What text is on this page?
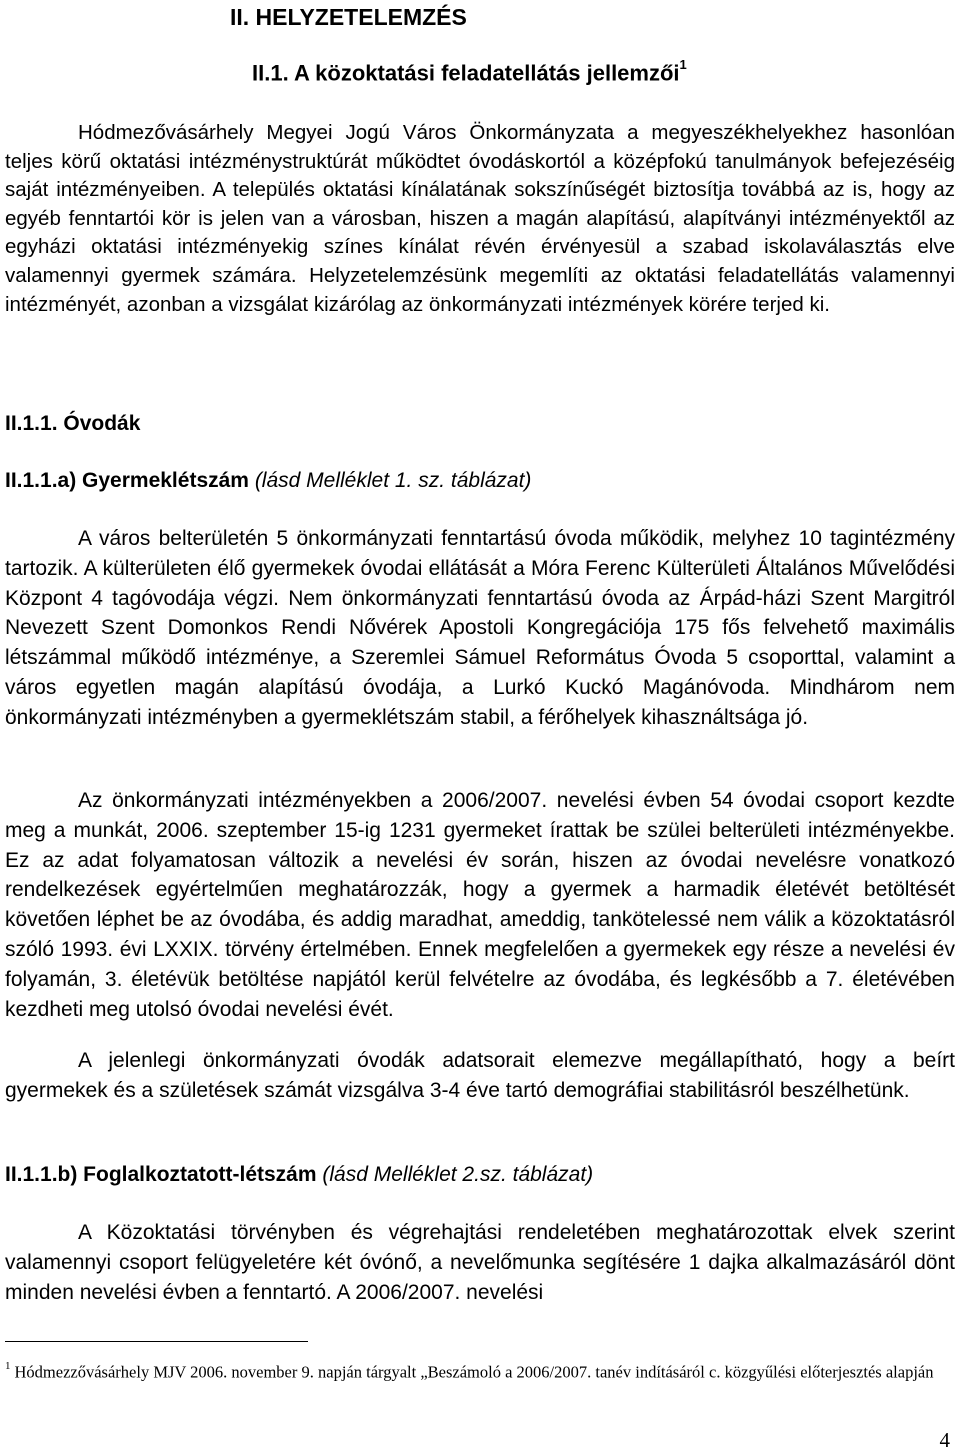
II. HELYZETELEMZÉS
II.1. A közoktatási feladatellátás jellemzői$^1$

Hódmezővásárhely Megyei Jogú Város Önkormányzata a megyeszékhelyekhez hasonlóan teljes körű oktatási intézménystruktúrát működtet óvodáskortól a középfokú tanulmányok befejezéséig saját intézményeiben. A település oktatási kínálatának sokszínűségét biztosítja továbbá az is, hogy az egyéb fenntartói kör is jelen van a városban, hiszen a magán alapítású, alapítványi intézményektől az egyházi oktatási intézményekig színes kínálat révén érvényesül a szabad iskolaválasztás elve valamennyi gyermek számára. Helyzetelemzésünk megemlíti az oktatási feladatellátás valamennyi intézményét, azonban a vizsgálat kizárólag az önkormányzati intézmények körére terjed ki.

II.1.1. Óvodák
II.1.1.a) Gyermeklétszám (lásd Melléklet 1. sz. táblázat)

A város belterületén 5 önkormányzati fenntartású óvoda működik, melyhez 10 tagintézmény tartozik. A külterületen élő gyermekek óvodai ellátását a Móra Ferenc Külterületi Általános Művelődési Központ 4 tagóvodája végzi. Nem önkormányzati fenntartású óvoda az Árpád-házi Szent Margitról Nevezett Szent Domonkos Rendi Nővérek Apostoli Kongregációja 175 fős felvehető maximális létszámmal működő intézménye, a Szeremlei Sámuel Református Óvoda 5 csoporttal, valamint a város egyetlen magán alapítású óvodája, a Lurkó Kuckó Magánóvoda. Mindhárom nem önkormányzati intézményben a gyermeklétszám stabil, a férőhelyek kihasználtsága jó.

Az önkormányzati intézményekben a 2006/2007. nevelési évben 54 óvodai csoport kezdte meg a munkát, 2006. szeptember 15-ig 1231 gyermeket írattak be szülei belterületi intézményekbe. Ez az adat folyamatosan változik a nevelési év során, hiszen az óvodai nevelésre vonatkozó rendelkezések egyértelműen meghatározzák, hogy a gyermek a harmadik életévét betöltését követően léphet be az óvodába, és addig maradhat, ameddig, tankötelessé nem válik a közoktatásról szóló 1993. évi LXXIX. törvény értelmében. Ennek megfelelően a gyermekek egy része a nevelési év folyamán, 3. életévük betöltése napjától kerül felvételre az óvodába, és legkésőbb a 7. életévében kezdheti meg utolsó óvodai nevelési évét.

A jelenlegi önkormányzati óvodák adatsorait elemezve megállapítható, hogy a beírt gyermekek és a születések számát vizsgálva 3-4 éve tartó demográfiai stabilitásról beszélhetünk.

II.1.1.b) Foglalkoztatott-létszám (lásd Melléklet 2.sz. táblázat)

A Közoktatási törvényben és végrehajtási rendeletében meghatározottak elvek szerint valamennyi csoport felügyeletére két óvónő, a nevelőmunka segítésére 1 dajka alkalmazásáról dönt minden nevelési évben a fenntartó. A 2006/2007. nevelési

$^1$ Hódmezzővásárhely MJV 2006. november 9. napján tárgyalt „Beszámoló a 2006/2007. tanév indításáról c. közgyűlési előterjesztés alapján

4
